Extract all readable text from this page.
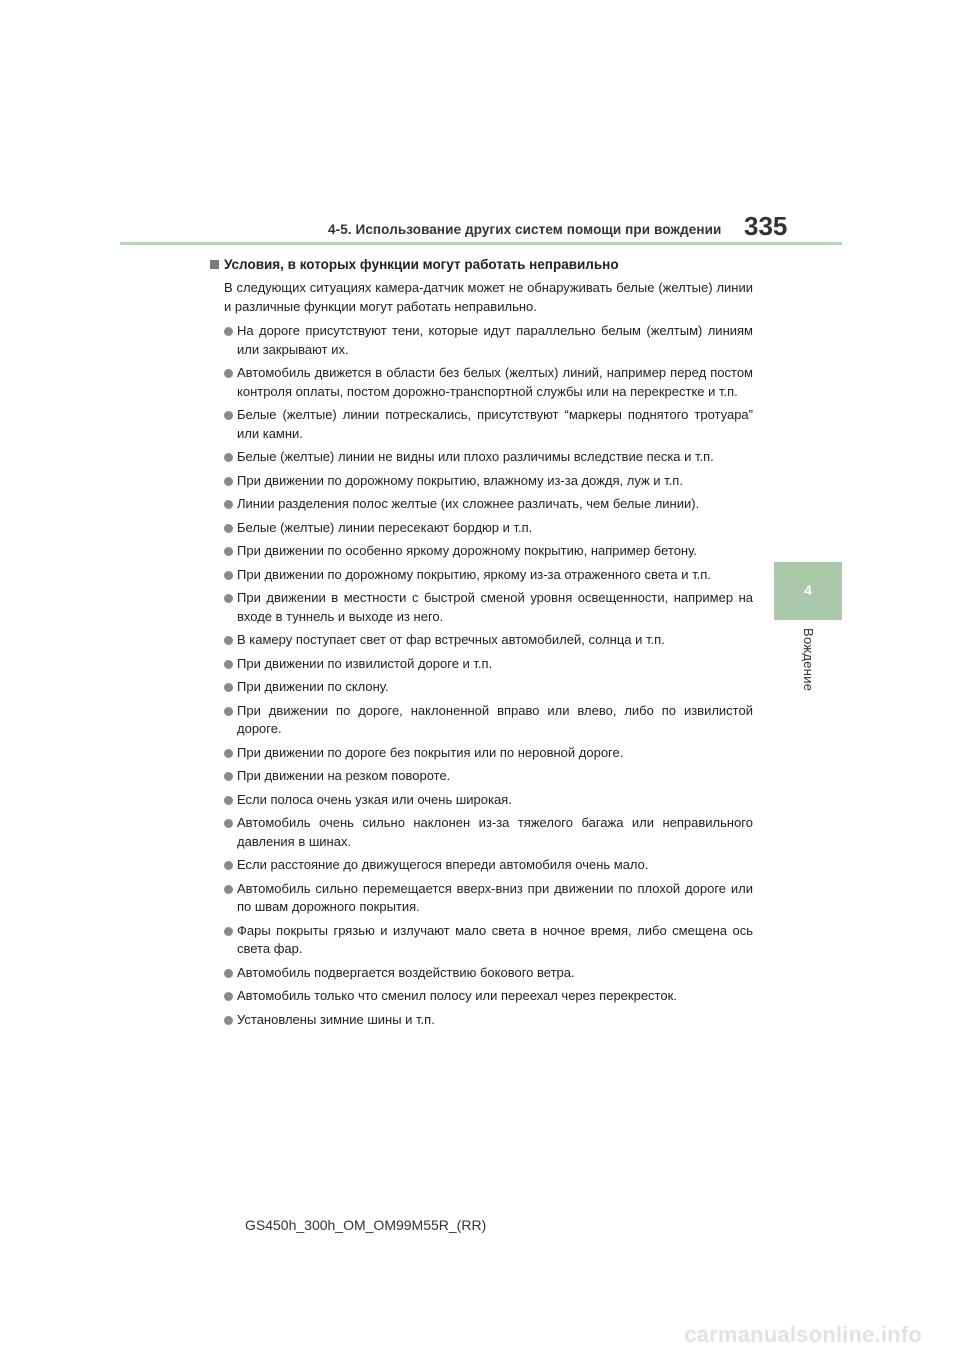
4-5. Использование других систем помощи при вождении 335
4
Вождение
Условия, в которых функции могут работать неправильно

В следующих ситуациях камера-датчик может не обнаруживать белые (желтые) линии и различные функции могут работать неправильно.

На дороге присутствуют тени, которые идут параллельно белым (желтым) линиям или закрывают их.
Автомобиль движется в области без белых (желтых) линий, например перед постом контроля оплаты, постом дорожно-транспортной службы или на перекрестке и т.п.
Белые (желтые) линии потрескались, присутствуют “маркеры поднятого тротуара” или камни.
Белые (желтые) линии не видны или плохо различимы вследствие песка и т.п.
При движении по дорожному покрытию, влажному из-за дождя, луж и т.п.
Линии разделения полос желтые (их сложнее различать, чем белые линии).
Белые (желтые) линии пересекают бордюр и т.п.
При движении по особенно яркому дорожному покрытию, например бетону.
При движении по дорожному покрытию, яркому из-за отраженного света и т.п.
При движении в местности с быстрой сменой уровня освещенности, например на входе в туннель и выходе из него.
В камеру поступает свет от фар встречных автомобилей, солнца и т.п.
При движении по извилистой дороге и т.п.
При движении по склону.
При движении по дороге, наклоненной вправо или влево, либо по извилистой дороге.
При движении по дороге без покрытия или по неровной дороге.
При движении на резком повороте.
Если полоса очень узкая или очень широкая.
Автомобиль очень сильно наклонен из-за тяжелого багажа или неправильного давления в шинах.
Если расстояние до движущегося впереди автомобиля очень мало.
Автомобиль сильно перемещается вверх-вниз при движении по плохой дороге или по швам дорожного покрытия.
Фары покрыты грязью и излучают мало света в ночное время, либо смещена ось света фар.
Автомобиль подвергается воздействию бокового ветра.
Автомобиль только что сменил полосу или переехал через перекресток.
Установлены зимние шины и т.п.
GS450h_300h_OM_OM99M55R_(RR)
carmanualsonline.info
